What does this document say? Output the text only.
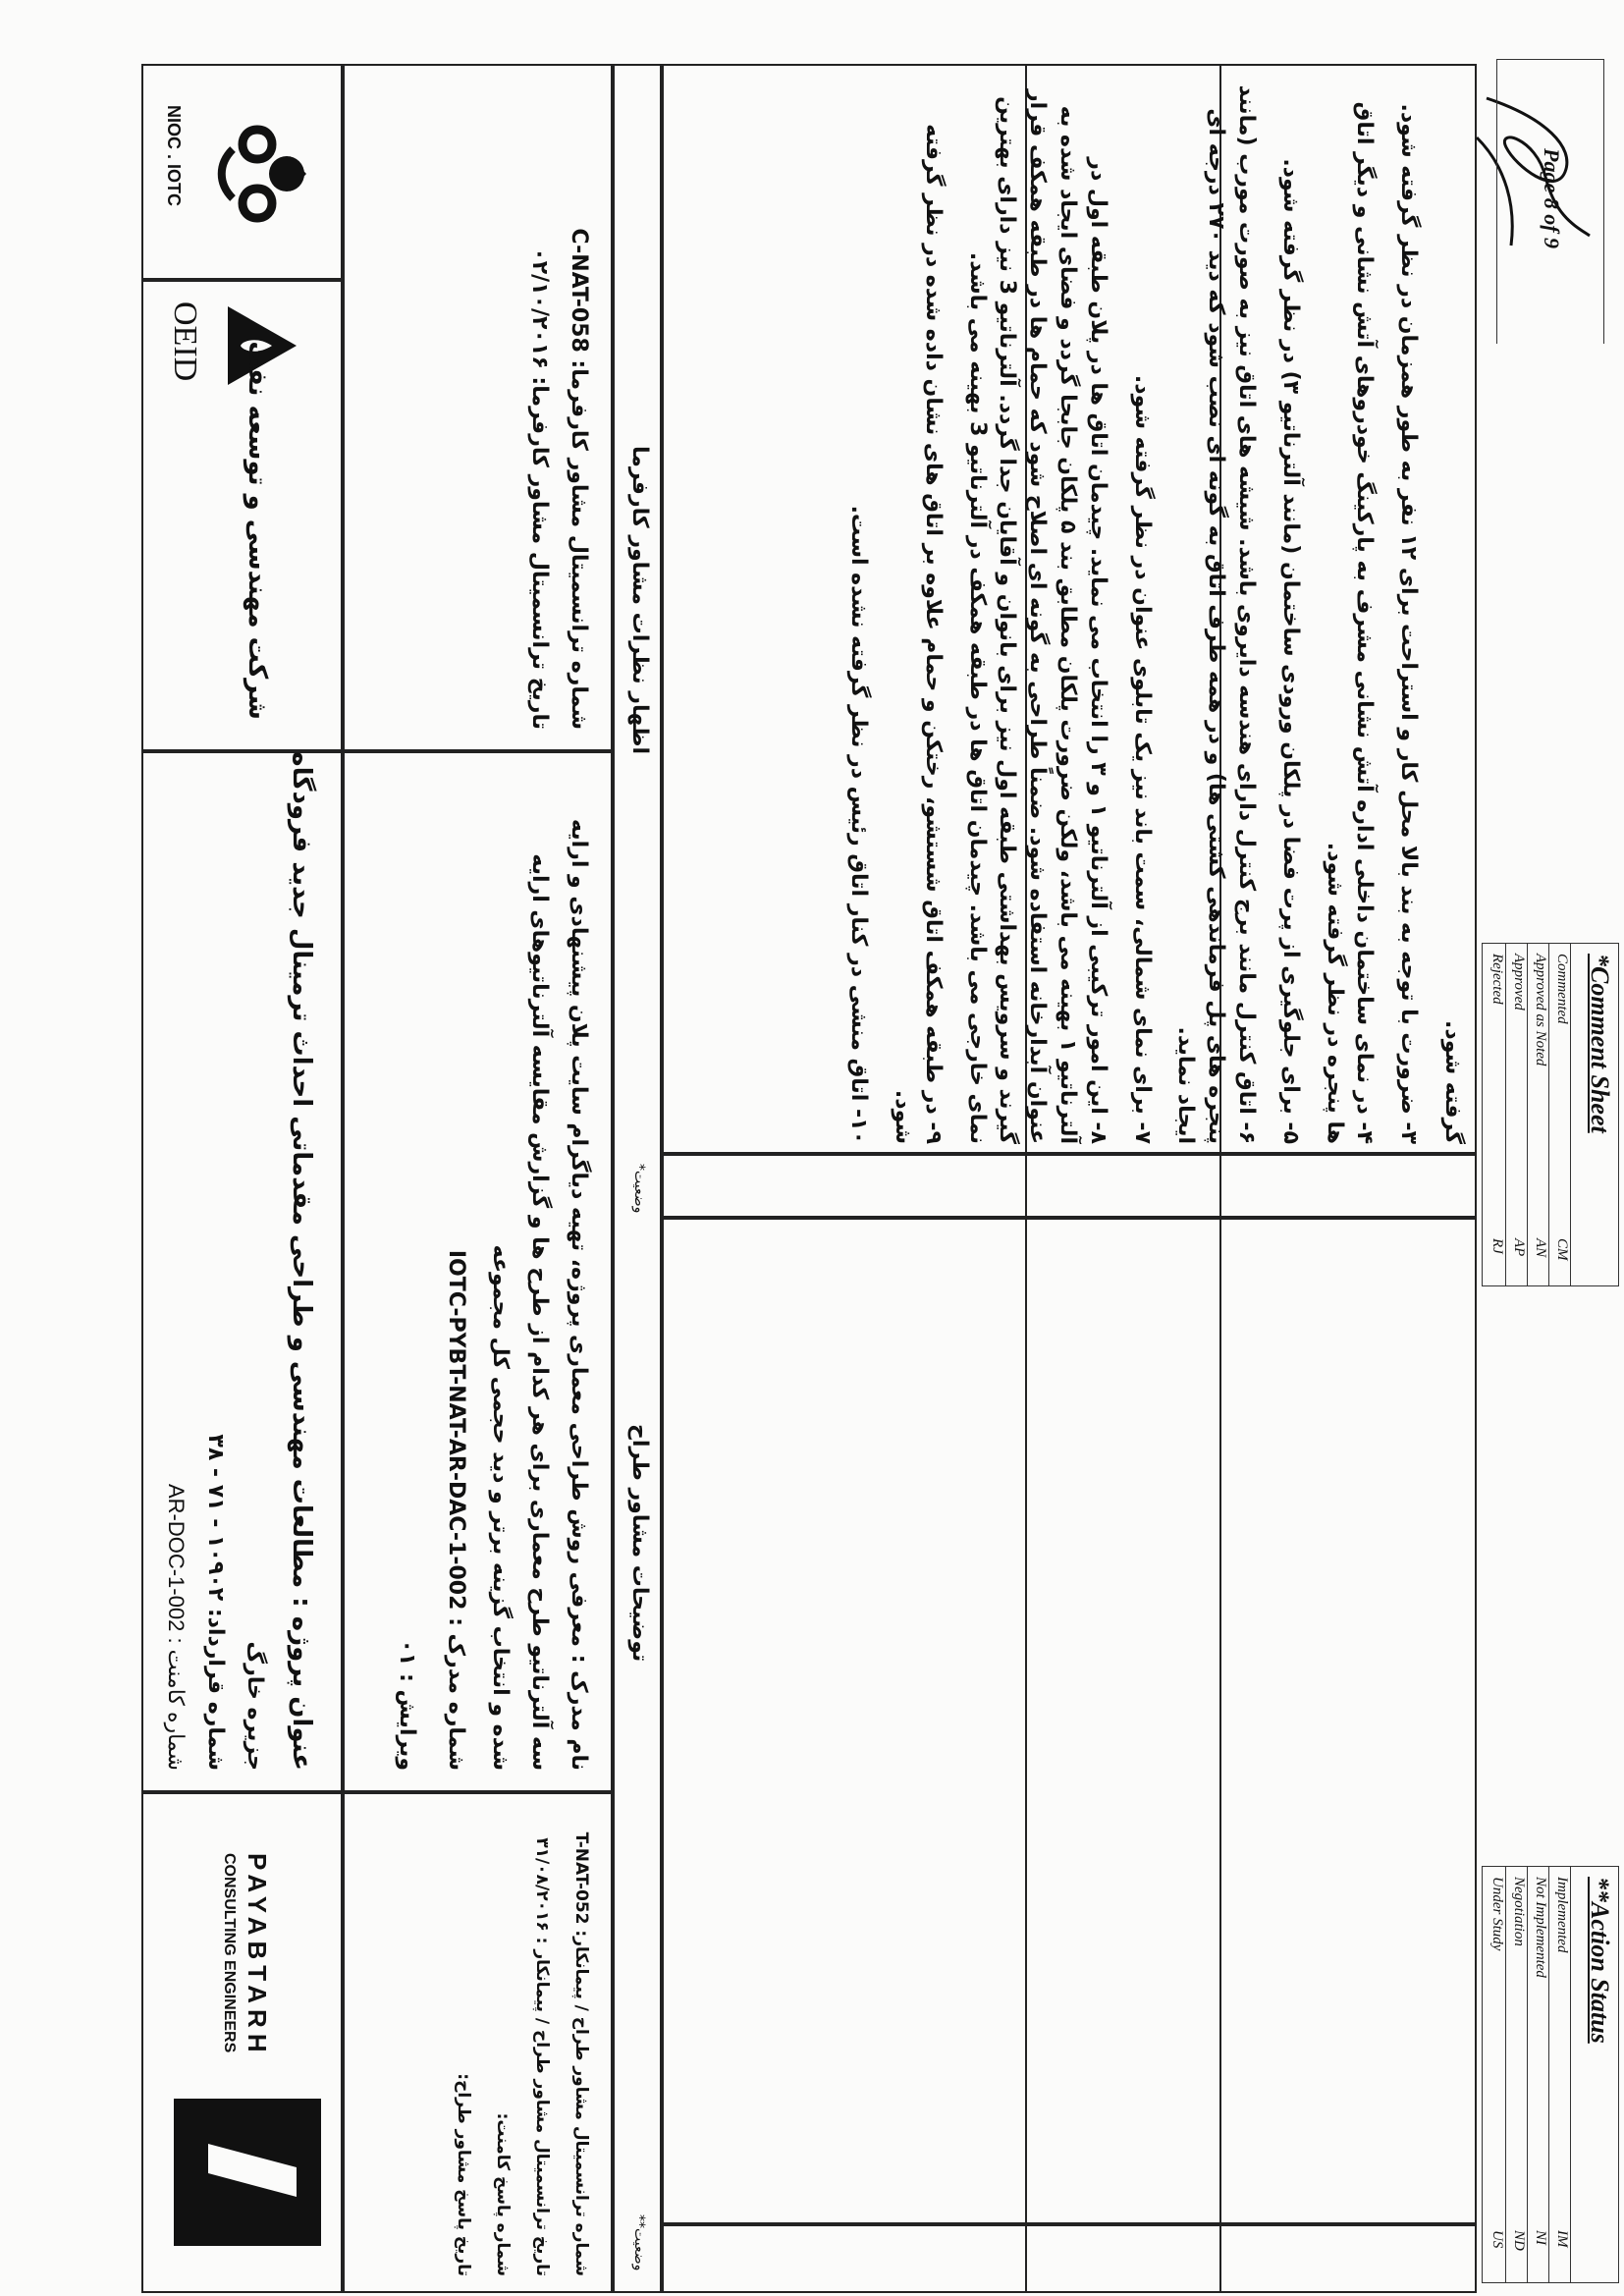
NIOC . IOTC
شرکت مهندسی و توسعه نفت
OEID
عنوان پروژه : مطالعات مهندسی و طراحی مقدماتی احداث ترمینال جدید فرودگاه
جزیره خارگ
شماره قرارداد: ۱۰۹۰۲ - ۷۱ - ۳۸
شماره کامنت : AR-DOC-1-002
PAYABTARH
CONSULTING ENGINEERS
شماره ترانسمیتال مشاور کارفرما: C-NAT-058
تاریخ ترانسمیتال مشاور کارفرما: ۰۲/۱۰/۲۰۱۶
نام مدرک : معرفی روش طراحی معماری پروژه، تهیه دیاگرام سایت پلان پیشنهادی و ارایه
سه آلترناتیو طرح معماری برای هر کدام از طرح ها و گزارش مقایسه آلترناتیوهای ارایه
شده و انتخاب گزینه برتر و دید حجمی کل مجموعه
شماره مدرک : IOTC-PYBT-NAT-AR-DAC-1-002
ویرایش : ۰۱
شماره ترانسمیتال مشاور طراح / پیمانکار: T-NAT-052
تاریخ ترانسمیتال مشاور طراح / پیمانکار : ۳۱/۰۸/۲۰۱۶
شماره پاسخ کامنت:
تاریخ پاسخ مشاور طراح:
اظهار نظرات مشاور کارفرما
وضعیت*
توضیحات مشاور طراح
وضعیت**

گرفته شود.

۳- ضرورت با توجه به بند بالا محل کار و استراحت برای ۱۲ نفر به طور همزمان در نظر گرفته شود.

۴- در نمای ساختمان داخلی اداره آتش نشانی مشرف به پارکینگ خودروهای آتش نشانی و دیگر اتاق ها پنجره در نظر گرفته شود.

۵- برای جلوگیری از پرت فضا در پلکان ورودی ساختمان (مانند آلترناتیو ۳) در نظر گرفته شود.

۶- اتاق کنترل مانند برج کنترل دارای هندسه دایروی باشد. شیشه های اتاق نیز به صورت مورب (مانند پنجره های پل فرماندهی کشتی ها) و در همه طرف اتاق به گونه ای نصب شود که دید ۲۷۰ درجه ای ایجاد نماید.

۷- برای نمای شمالی، سمت باند نیز یک تابلوی عنوان در نظر گرفته شود.

۸- این امور ترکیبی از آلترناتیو ۱ و ۳ را انتخاب می نماید. چیدمان اتاق ها در پلان طبقه اول در آلترناتیو ۱ بهینه می باشد، ولکن ضرورت پلکان مطابق بند ۵ پلکان جابجا گردد و فضای ایجاد شده به عنوان آبدارخانه استفاده شود. ضمناً طراحی به گونه ای اصلاح شود که حمام ها در طبقه همکف قرار گیرند و سرویس بهداشتی طبقه اول نیز برای بانوان و آقایان جدا گردد. آلترناتیو 3 نیز دارای بهترین نمای خارجی می باشد. چیدمان اتاق ها در طبقه همکف در آلترناتیو 3 بهینه می باشد.

۹- در طبقه همکف اتاق شستشو، رختکن و حمام علاوه بر اتاق های نشان داده شده در نظر گرفته شود.

۱۰- اتاق منشی در کنار اتاق رئیس در نظر گرفته نشده است.

**Action Status
IM
Implemented
NI
Not Implemented
ND
Negotiation
US
Under Study
*Comment Sheet
CM
Commented
AN
Approved as Noted
AP
Approved
RJ
Rejected
Page 8 of 9
